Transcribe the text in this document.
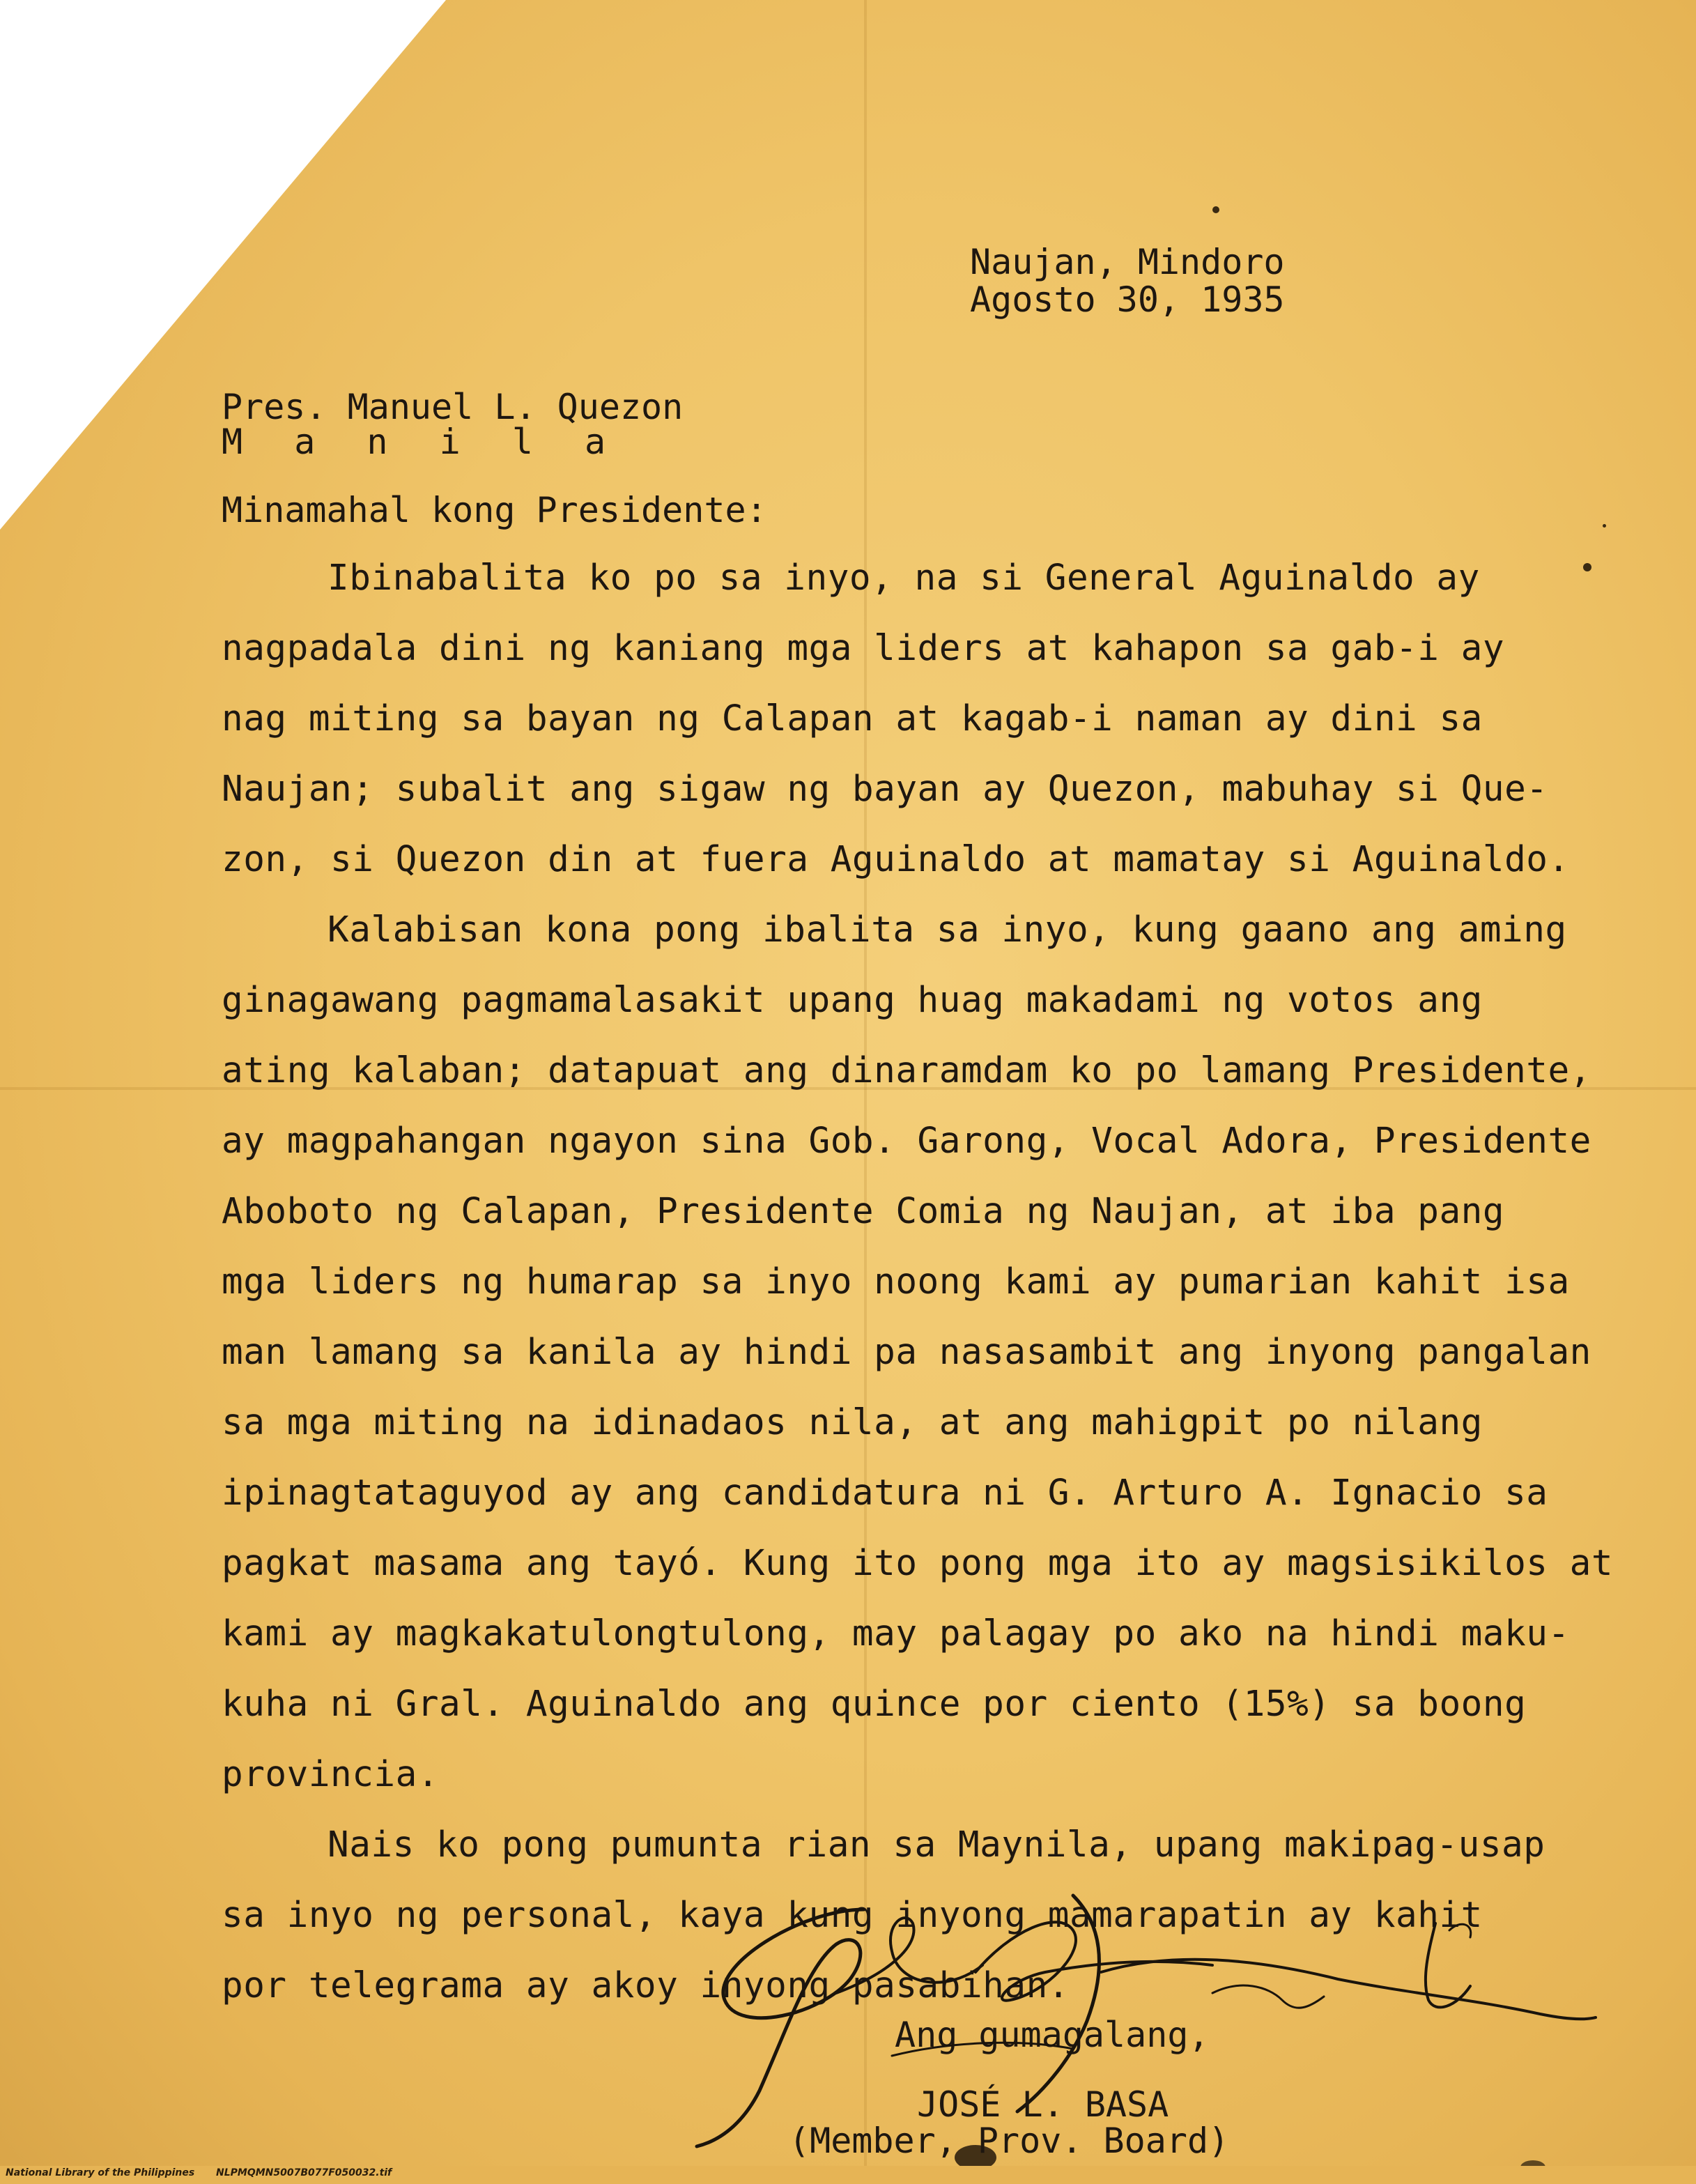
Naujan, Mindoro

Agosto 30, 1935

Pres. Manuel L. Quezon

M a n i l a

Minamahal kong Presidente:

Ibinabalita ko po sa inyo, na si General Aguinaldo ay

nagpadala dini ng kaniang mga liders at kahapon sa gab-i ay

nag miting sa bayan ng Calapan at kagab-i naman ay dini sa

Naujan; subalit ang sigaw ng bayan ay Quezon, mabuhay si Que-

zon, si Quezon din at fuera Aguinaldo at mamatay si Aguinaldo.

Kalabisan kona pong ibalita sa inyo, kung gaano ang aming

ginagawang pagmamalasakit upang huag makadami ng votos ang

ating kalaban; datapuat ang dinaramdam ko po lamang Presidente,

ay magpahangan ngayon sina Gob. Garong, Vocal Adora, Presidente

Aboboto ng Calapan, Presidente Comia ng Naujan, at iba pang

mga liders ng humarap sa inyo noong kami ay pumarian kahit isa

man lamang sa kanila ay hindi pa nasasambit ang inyong pangalan

sa mga miting na idinadaos nila, at ang mahigpit po nilang

ipinagtataguyod ay ang candidatura ni G. Arturo A. Ignacio sa

pagkat masama ang tayó. Kung ito pong mga ito ay magsisikilos at

kami ay magkakatulongtulong, may palagay po ako na hindi maku-

kuha ni Gral. Aguinaldo ang quince por ciento (15%) sa boong

provincia.

Nais ko pong pumunta rian sa Maynila, upang makipag-usap

sa inyo ng personal, kaya kung inyong mamarapatin ay kahit

por telegrama ay akoy inyong pasabihan.

Ang gumagalang,

JOSÉ L. BASA

(Member, Prov. Board)

National Library of the Philippines NLPMQMN5007B077F050032.tif
